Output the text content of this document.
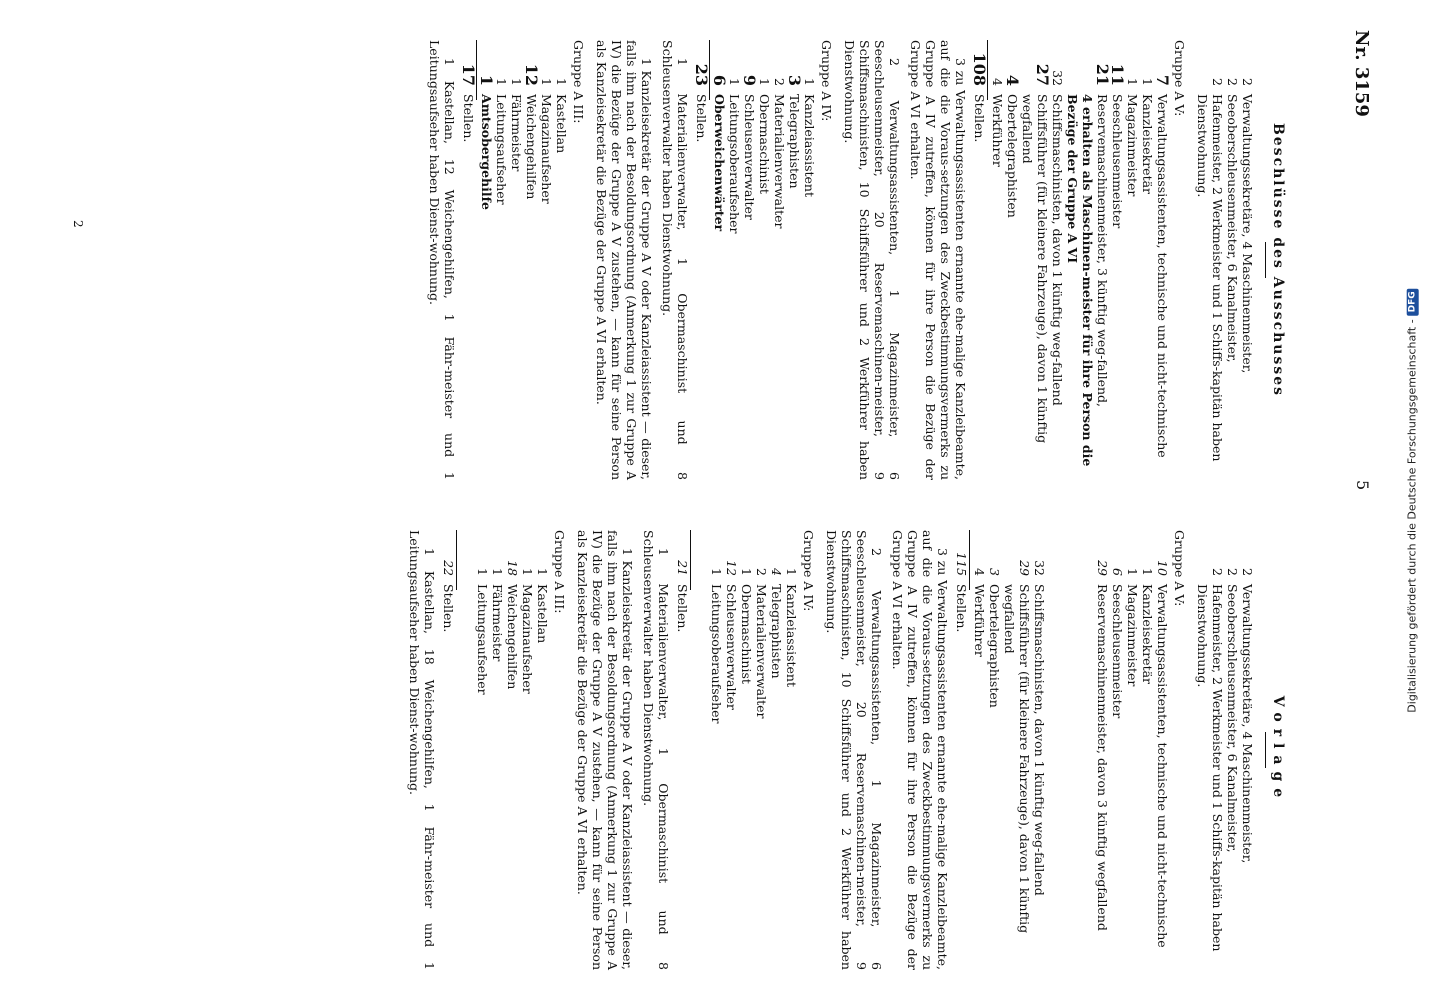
Digitalisierung gefördert durch die Deutsche Forschungsgemeinschaft -
DFG
Nr. 3159
5
2
Vorlage
2
Verwaltungssekretäre, 4 Maschinenmeister,
2
Seeoberschleusenmeister, 6 Kanalmeister,
2
Hafenmeister, 2 Werkmeister und 1 Schiffs-kapitän haben Dienstwohnung.
Gruppe A V:
10
Verwaltungsassistenten, technische und nicht-technische
1
Kanzleisekretär
1
Magazinmeister
6
Seeschleusenmeister
29
Reservemaschinenmeister, davon 3 künftig wegfallend
32
Schiffsmaschinisten, davon 1 künftig weg-fallend
29
Schiffsführer (für kleinere Fahrzeuge), davon 1 künftig wegfallend
3
Obertelegraphisten
4
Werkführer
115
Stellen.
3 zu Verwaltungsassistenten ernannte ehe-malige Kanzleibeamte, auf die die Voraus-setzungen des Zweckbestimmungsvermerks zu Gruppe A IV zutreffen, können für ihre Person die Bezüge der Gruppe A VI erhalten.
2 Verwaltungsassistenten, 1 Magazinmeister, 6 Seeschleusenmeister, 20 Reservemaschinen-meister, 9 Schiffsmaschinisten, 10 Schiffsführer und 2 Werkführer haben Dienstwohnung.
Gruppe A IV:
1
Kanzleiassistent
4
Telegraphisten
2
Materialienverwalter
1
Obermaschinist
12
Schleusenverwalter
1
Leitungsoberaufseher
21
Stellen.
1 Materialienverwalter, 1 Obermaschinist und 8 Schleusenverwalter haben Dienstwohnung.
1 Kanzleisekretär der Gruppe A V oder Kanzleiassistent — dieser, falls ihm nach der Besoldungsordnung (Anmerkung 1 zur Gruppe A IV) die Bezüge der Gruppe A V zustehen, — kann für seine Person als Kanzleisekretär die Bezüge der Gruppe A VI erhalten.
Gruppe A III:
1
Kastellan
1
Magazinaufseher
18
Weichengehilfen
1
Fährmeister
1
Leitungsaufseher
22
Stellen.
1 Kastellan, 18 Weichengehilfen, 1 Fähr-meister und 1 Leitungsaufseher haben Dienst-wohnung.
Beschlüsse des Ausschusses
2
Verwaltungssekretäre, 4 Maschinenmeister,
2
Seeoberschleusenmeister, 6 Kanalmeister,
2
Hafenmeister, 2 Werkmeister und 1 Schiffs-kapitän haben Dienstwohnung.
Gruppe A V:
7
Verwaltungsassistenten, technische und nicht-technische
1
Kanzleisekretär
1
Magazinmeister
11
Seeschleusenmeister
21
Reservemaschinenmeister, 3 künftig weg-fallend,
4 erhalten als Maschinen-meister für ihre Person die Bezüge der Gruppe A VI
32
Schiffsmaschinisten, davon 1 künftig weg-fallend
27
Schiffsführer (für kleinere Fahrzeuge), davon 1 künftig wegfallend
4
Obertelegraphisten
4
Werkführer
108
Stellen.
3 zu Verwaltungsassistenten ernannte ehe-malige Kanzleibeamte, auf die die Voraus-setzungen des Zweckbestimmungsvermerks zu Gruppe A IV zutreffen, können für ihre Person die Bezüge der Gruppe A VI erhalten.
2 Verwaltungsassistenten, 1 Magazinmeister, 6 Seeschleusenmeister, 20 Reservemaschinen-meister, 9 Schiffsmaschinisten, 10 Schiffsführer und 2 Werkführer haben Dienstwohnung.
Gruppe A IV:
1
Kanzleiassistent
3
Telegraphisten
2
Materialienverwalter
1
Obermaschinist
9
Schleusenverwalter
1
Leitungsoberaufseher
6
Oberweichenwärter
23
Stellen.
1 Materialienverwalter, 1 Obermaschinist und 8 Schleusenverwalter haben Dienstwohnung.
1 Kanzleisekretär der Gruppe A V oder Kanzleiassistent — dieser, falls ihm nach der Besoldungsordnung (Anmerkung 1 zur Gruppe A IV) die Bezüge der Gruppe A V zustehen, — kann für seine Person als Kanzleisekretär die Bezüge der Gruppe A VI erhalten.
Gruppe A III:
1
Kastellan
1
Magazinaufseher
12
Weichengehilfen
1
Fährmeister
1
Leitungsaufseher
1
Amtsobergehilfe
17
Stellen.
1 Kastellan, 12 Weichengehilfen, 1 Fähr-meister und 1 Leitungsaufseher haben Dienst-wohnung.
